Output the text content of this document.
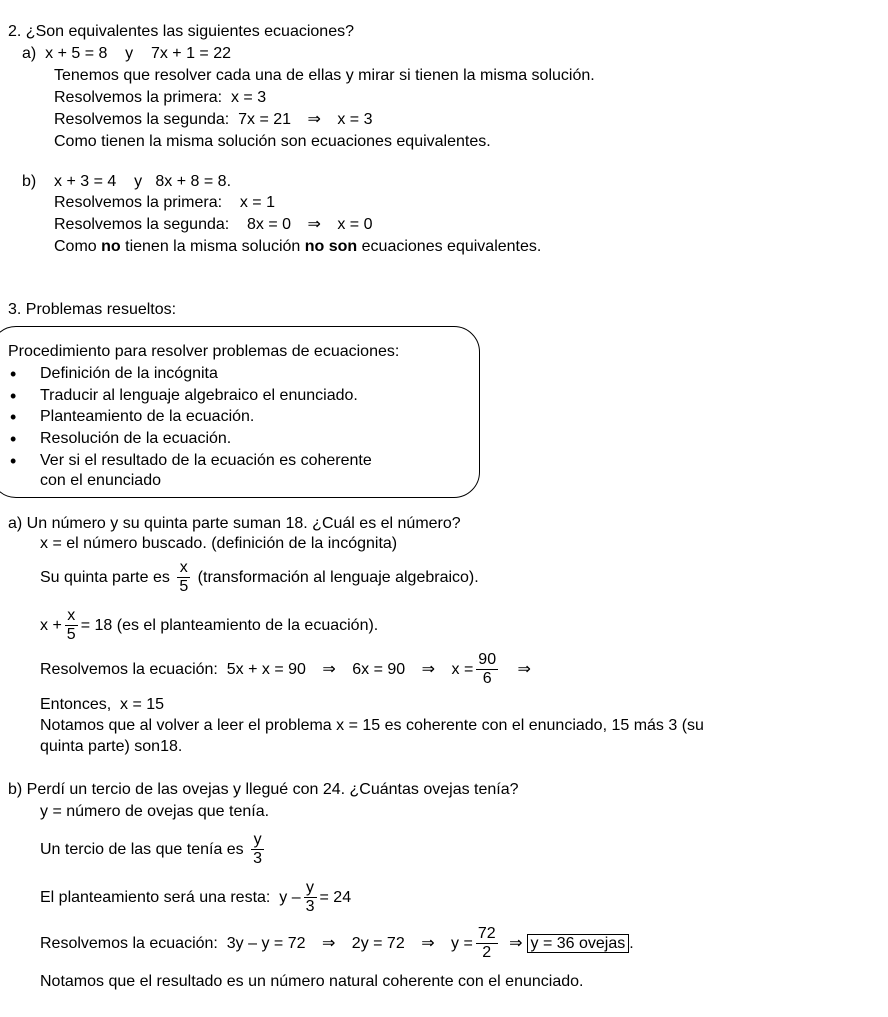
2. ¿Son equivalentes las siguientes ecuaciones?
a) x + 5 = 8 y 7x + 1 = 22
Tenemos que resolver cada una de ellas y mirar si tienen la misma solución.
Resolvemos la primera: x = 3
Resolvemos la segunda: 7x = 21 ⇒ x = 3
Como tienen la misma solución son ecuaciones equivalentes.
b) x + 3 = 4 y 8x + 8 = 8.
Resolvemos la primera: x = 1
Resolvemos la segunda: 8x = 0 ⇒ x = 0
Como no tienen la misma solución no son ecuaciones equivalentes.
3. Problemas resueltos:
Procedimiento para resolver problemas de ecuaciones:
• Definición de la incógnita
• Traducir al lenguaje algebraico el enunciado.
• Planteamiento de la ecuación.
• Resolución de la ecuación.
• Ver si el resultado de la ecuación es coherente
con el enunciado
a) Un número y su quinta parte suman 18. ¿Cuál es el número?
x = el número buscado. (definición de la incógnita)
Su quinta parte es $\frac{x}{5}$ (transformación al lenguaje algebraico).
$x + \frac{x}{5} = 18$ (es el planteamiento de la ecuación).
Resolvemos la ecuación: 5x + x = 90 ⇒ 6x = 90 ⇒ $x = \frac{90}{6}$ ⇒
Entonces, x = 15
Notamos que al volver a leer el problema x = 15 es coherente con el enunciado, 15 más 3 (su
quinta parte) son18.
b) Perdí un tercio de las ovejas y llegué con 24. ¿Cuántas ovejas tenía?
y = número de ovejas que tenía.
Un tercio de las que tenía es $\frac{y}{3}$
El planteamiento será una resta: $y - \frac{y}{3} = 24$
Resolvemos la ecuación: 3y – y = 72 ⇒ 2y = 72 ⇒ $y = \frac{72}{2}$ ⇒ y = 36 ovejas .
Notamos que el resultado es un número natural coherente con el enunciado.
